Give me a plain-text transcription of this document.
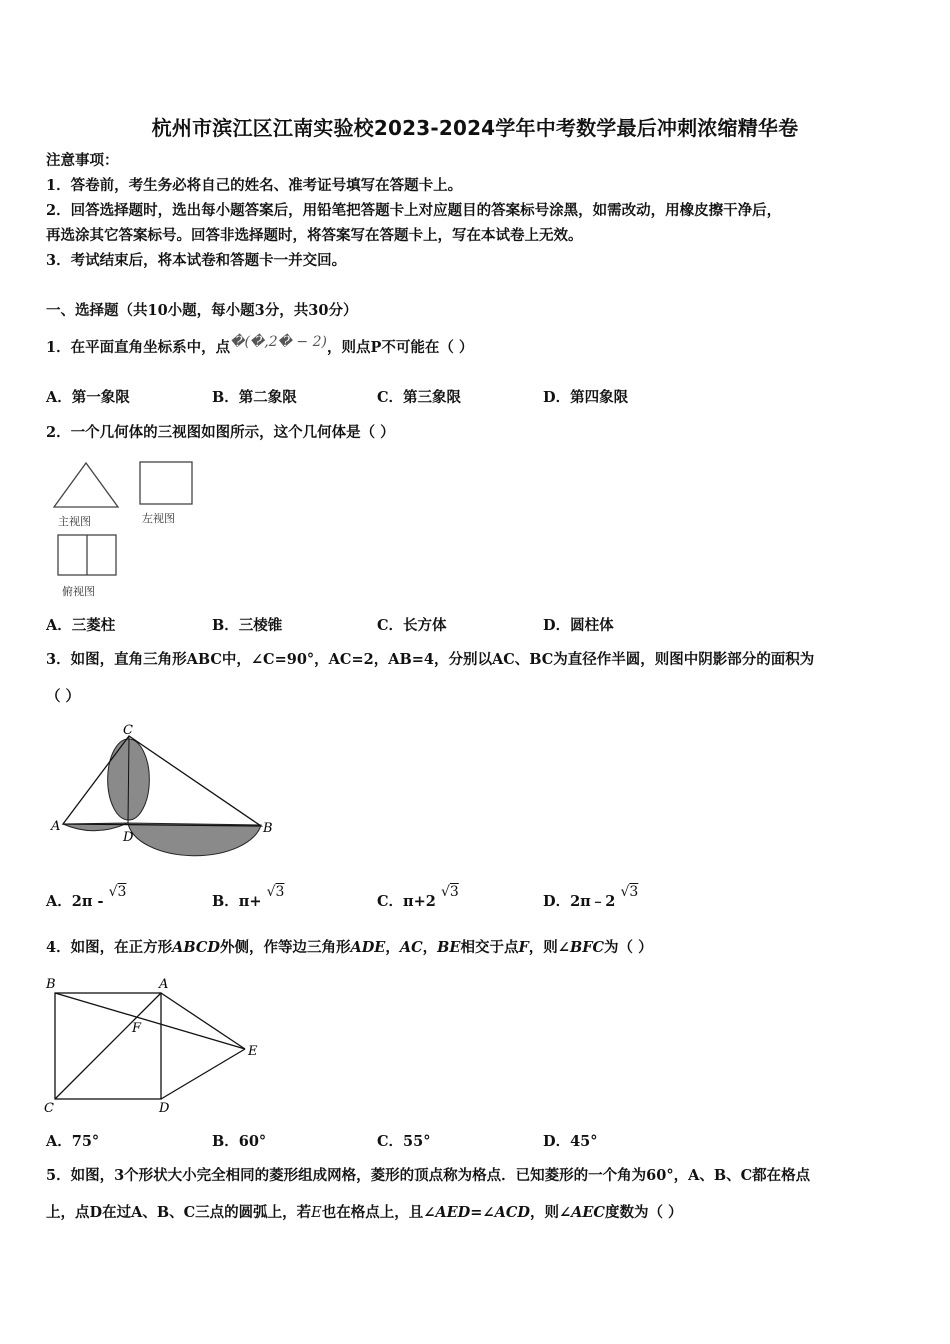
杭州市滨江区江南实验校2023-2024学年中考数学最后冲刺浓缩精华卷
注意事项：
1．答卷前，考生务必将自己的姓名、准考证号填写在答题卡上。
2．回答选择题时，选出每小题答案后，用铅笔把答题卡上对应题目的答案标号涂黑，如需改动，用橡皮擦干净后，
再选涂其它答案标号。回答非选择题时，将答案写在答题卡上，写在本试卷上无效。
3．考试结束后，将本试卷和答题卡一并交回。
一、选择题（共10小题，每小题3分，共30分）
1．在平面直角坐标系中，点�(�,2� − 2)，则点P不可能在（ ）
A．第一象限	B．第二象限	C．第三象限	D．第四象限
2．一个几何体的三视图如图所示，这个几何体是（ ）
主视图	左视图
俯视图
A．三菱柱	B．三棱锥	C．长方体	D．圆柱体
3．如图，直角三角形ABC中，∠C=90°，AC=2，AB=4，分别以AC、BC为直径作半圆，则图中阴影部分的面积为
（ ）
C
A
D
B
A．2π - √3
B．π+ √3
C．π+2 √3
D．2π﹣2 √3
4．如图，在正方形ABCD外侧，作等边三角形ADE，AC，BE相交于点F，则∠BFC为（ ）
B	A
F
E
C	D
A．75°	B．60°	C．55°	D．45°
5．如图，3个形状大小完全相同的菱形组成网格，菱形的顶点称为格点．已知菱形的一个角为60°，A、B、C都在格点
上，点D在过A、B、C三点的圆弧上，若E也在格点上，且∠AED=∠ACD，则∠AEC度数为（ ）
